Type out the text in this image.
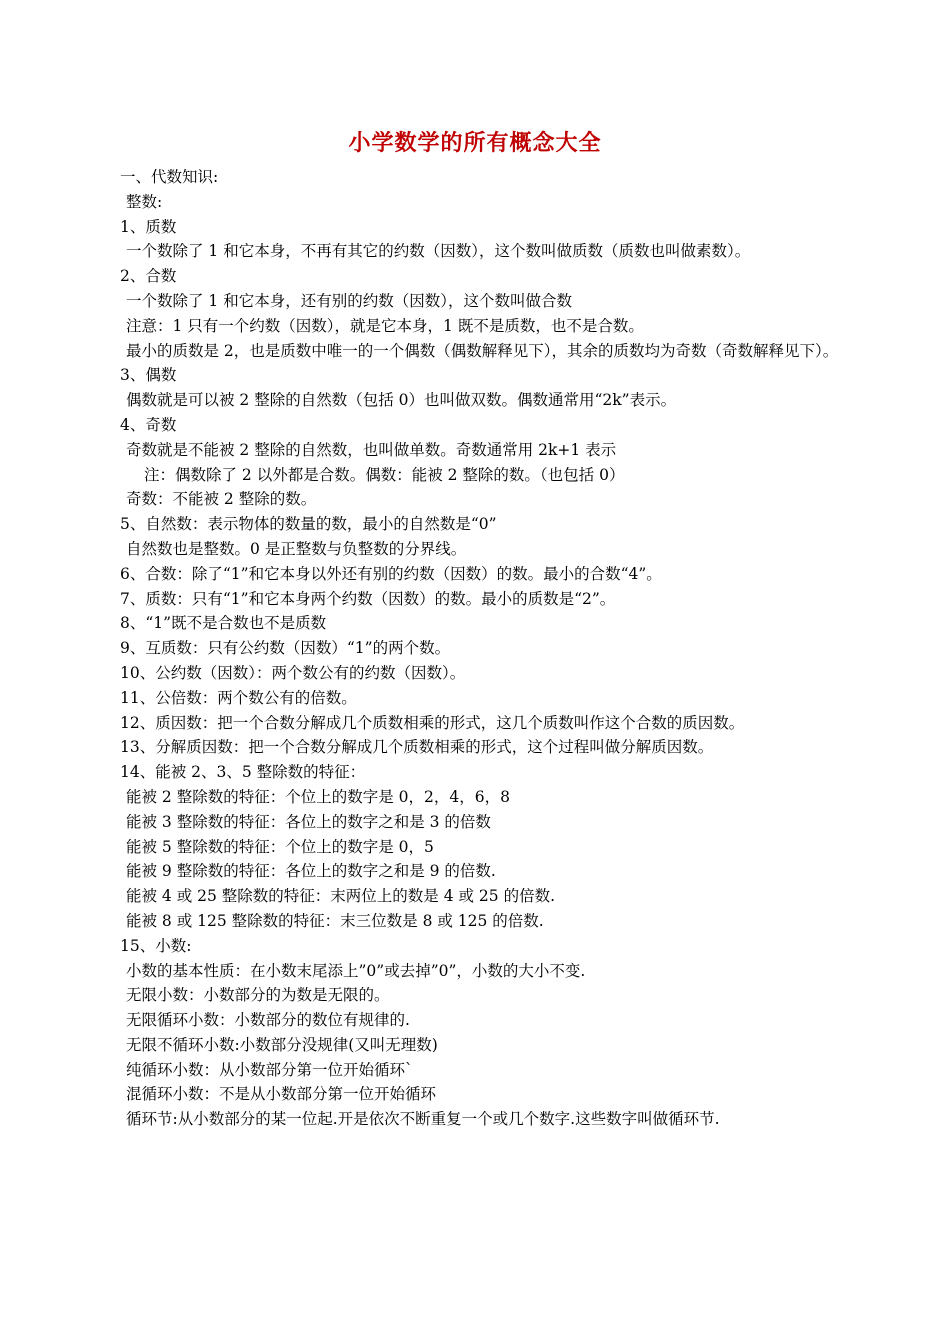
小学数学的所有概念大全
一、代数知识:
整数:
1、质数
一个数除了 1 和它本身，不再有其它的约数（因数），这个数叫做质数（质数也叫做素数）。
2、合数
一个数除了 1 和它本身，还有别的约数（因数），这个数叫做合数
注意：1 只有一个约数（因数），就是它本身，1 既不是质数，也不是合数。
最小的质数是 2，也是质数中唯一的一个偶数（偶数解释见下），其余的质数均为奇数（奇数解释见下）。
3、偶数
偶数就是可以被 2 整除的自然数（包括 0）也叫做双数。偶数通常用“2k”表示。
4、奇数
奇数就是不能被 2 整除的自然数，也叫做单数。奇数通常用 2k+1 表示
注：偶数除了 2 以外都是合数。偶数：能被 2 整除的数。（也包括 0）
奇数：不能被 2 整除的数。
5、自然数：表示物体的数量的数，最小的自然数是“0”
自然数也是整数。0 是正整数与负整数的分界线。
6、合数：除了“1”和它本身以外还有别的约数（因数）的数。最小的合数“4”。
7、质数：只有“1”和它本身两个约数（因数）的数。最小的质数是“2”。
8、“1”既不是合数也不是质数
9、互质数：只有公约数（因数）“1”的两个数。
10、公约数（因数）：两个数公有的约数（因数）。
11、公倍数：两个数公有的倍数。
12、质因数：把一个合数分解成几个质数相乘的形式，这几个质数叫作这个合数的质因数。
13、分解质因数：把一个合数分解成几个质数相乘的形式，这个过程叫做分解质因数。
14、能被 2、3、5 整除数的特征：
能被 2 整除数的特征：个位上的数字是 0，2，4，6，8
能被 3 整除数的特征：各位上的数字之和是 3 的倍数
能被 5 整除数的特征：个位上的数字是 0，5
能被 9 整除数的特征：各位上的数字之和是 9 的倍数.
能被 4 或 25 整除数的特征：末两位上的数是 4 或 25 的倍数.
能被 8 或 125 整除数的特征：末三位数是 8 或 125 的倍数.
15、小数:
小数的基本性质：在小数末尾添上”0”或去掉”0”，小数的大小不变.
无限小数：小数部分的为数是无限的。
无限循环小数：小数部分的数位有规律的.
无限不循环小数:小数部分没规律(又叫无理数)
纯循环小数：从小数部分第一位开始循环`
混循环小数：不是从小数部分第一位开始循环
循环节:从小数部分的某一位起.开是依次不断重复一个或几个数字.这些数字叫做循环节.
